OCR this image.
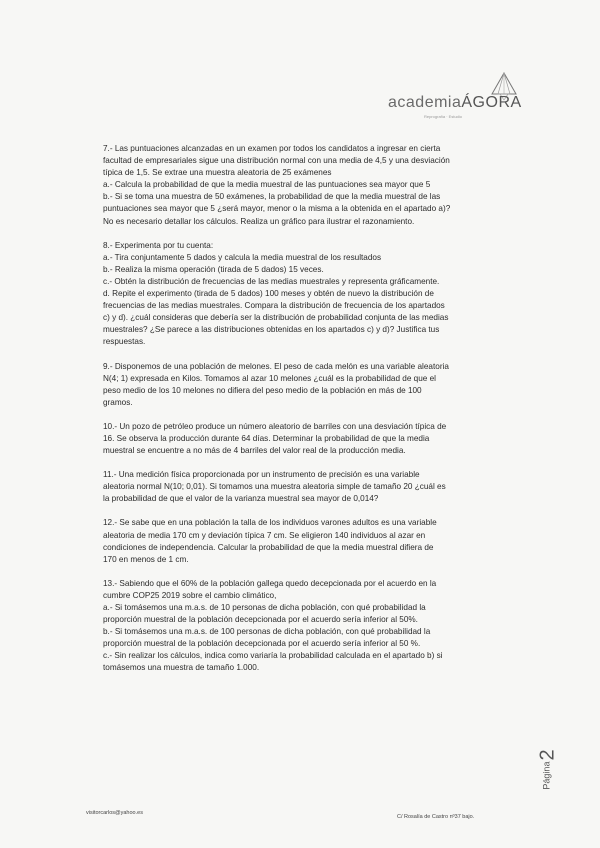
academiaÁGORA
Reprografía · Estudio
7.- Las puntuaciones alcanzadas en un examen por todos los candidatos a ingresar en cierta
facultad de empresariales sigue una distribución normal con una media de 4,5 y una desviación
típica de 1,5. Se extrae una muestra aleatoria de 25 exámenes
a.- Calcula la probabilidad de que la media muestral de las puntuaciones sea mayor que 5
b.- Si se toma una muestra de 50 exámenes, la probabilidad de que la media muestral de las
puntuaciones sea mayor que 5 ¿será mayor, menor o la misma a la obtenida en el apartado a)?
No es necesario detallar los cálculos. Realiza un gráfico para ilustrar el razonamiento.
8.- Experimenta por tu cuenta:
a.- Tira conjuntamente 5 dados y calcula la media muestral de los resultados
b.- Realiza la misma operación (tirada de 5 dados) 15 veces.
c.- Obtén la distribución de frecuencias de las medias muestrales y representa gráficamente.
d. Repite el experimento (tirada de 5 dados) 100 meses y obtén de nuevo la distribución de
frecuencias de las medias muestrales. Compara la distribución de frecuencia de los apartados
c) y d). ¿cuál consideras que debería ser la distribución de probabilidad conjunta de las medias
muestrales? ¿Se parece a las distribuciones obtenidas en los apartados c) y d)? Justifica tus
respuestas.
9.- Disponemos de una población de melones. El peso de cada melón es una variable aleatoria
N(4; 1) expresada en Kilos. Tomamos al azar 10 melones ¿cuál es la probabilidad de que el
peso medio de los 10 melones no difiera del peso medio de la población en más de 100
gramos.
10.- Un pozo de petróleo produce un número aleatorio de barriles con una desviación típica de
16. Se observa la producción durante 64 días. Determinar la probabilidad de que la media
muestral se encuentre a no más de 4 barriles del valor real de la producción media.
11.- Una medición física proporcionada por un instrumento de precisión es una variable
aleatoria normal N(10; 0,01). Si tomamos una muestra aleatoria simple de tamaño 20 ¿cuál es
la probabilidad de que el valor de la varianza muestral sea mayor de 0,014?
12.- Se sabe que en una población la talla de los individuos varones adultos es una variable
aleatoria de media 170 cm y deviación típica 7 cm. Se eligieron 140 individuos al azar en
condiciones de independencia. Calcular la probabilidad de que la media muestral difiera de
170 en menos de 1 cm.
13.- Sabiendo que el 60% de la población gallega quedo decepcionada por el acuerdo en la
cumbre COP25 2019 sobre el cambio climático,
a.- Si tomásemos una m.a.s. de 10 personas de dicha población, con qué probabilidad la
proporción muestral de la población decepcionada por el acuerdo sería inferior al 50%.
b.- Si tomásemos una m.a.s. de 100 personas de dicha población, con qué probabilidad la
proporción muestral de la población decepcionada por el acuerdo sería inferior al 50 %.
c.- Sin realizar los cálculos, indica como variaría la probabilidad calculada en el apartado b) si
tomásemos una muestra de tamaño 1.000.
Página2
visitorcarlos@yahoo.es
C/ Rosalía de Castro nº37 bajo.
